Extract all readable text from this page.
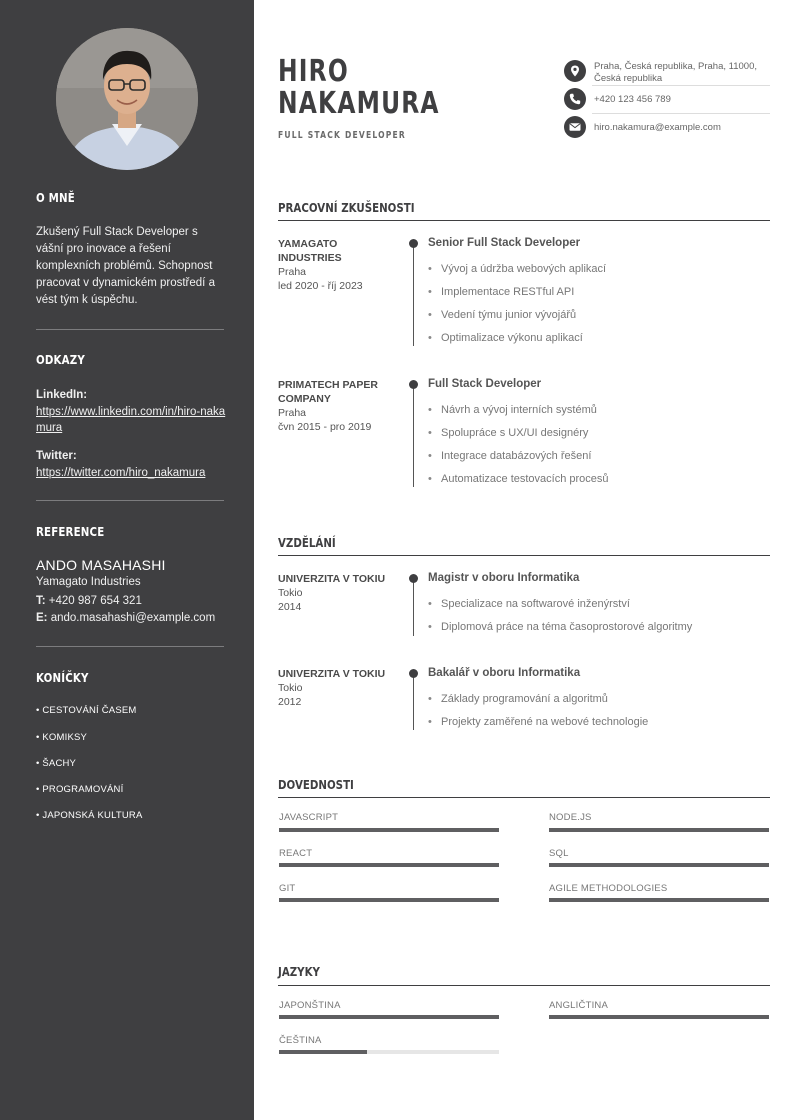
O MNĚ
Zkušený Full Stack Developer s vášní pro inovace a řešení komplexních problémů. Schopnost pracovat v dynamickém prostředí a vést tým k úspěchu.
ODKAZY
LinkedIn:
https://www.linkedin.com/in/hiro-nakamura
Twitter:
https://twitter.com/hiro_nakamura
REFERENCE
ANDO MASAHASHI
Yamagato Industries
T: +420 987 654 321
E: ando.masahashi@example.com
KONÍČKY
• CESTOVÁNÍ ČASEM
• KOMIKSY
• ŠACHY
• PROGRAMOVÁNÍ
• JAPONSKÁ KULTURA
HIRO
NAKAMURA
FULL STACK DEVELOPER
Praha, Česká republika, Praha, 11000, Česká republika
+420 123 456 789
hiro.nakamura@example.com
PRACOVNÍ ZKUŠENOSTI
YAMAGATO INDUSTRIES
Praha
led 2020 - říj 2023
Senior Full Stack Developer
• Vývoj a údržba webových aplikací
• Implementace RESTful API
• Vedení týmu junior vývojářů
• Optimalizace výkonu aplikací
PRIMATECH PAPER COMPANY
Praha
čvn 2015 - pro 2019
Full Stack Developer
• Návrh a vývoj interních systémů
• Spolupráce s UX/UI designéry
• Integrace databázových řešení
• Automatizace testovacích procesů
VZDĚLÁNÍ
UNIVERZITA V TOKIU
Tokio
2014
Magistr v oboru Informatika
• Specializace na softwarové inženýrství
• Diplomová práce na téma časoprostorové algoritmy
UNIVERZITA V TOKIU
Tokio
2012
Bakalář v oboru Informatika
• Základy programování a algoritmů
• Projekty zaměřené na webové technologie
DOVEDNOSTI
JAVASCRIPT	NODE.JS
REACT	SQL
GIT	AGILE METHODOLOGIES
JAZYKY
JAPONŠTINA	ANGLIČTINA
ČEŠTINA
